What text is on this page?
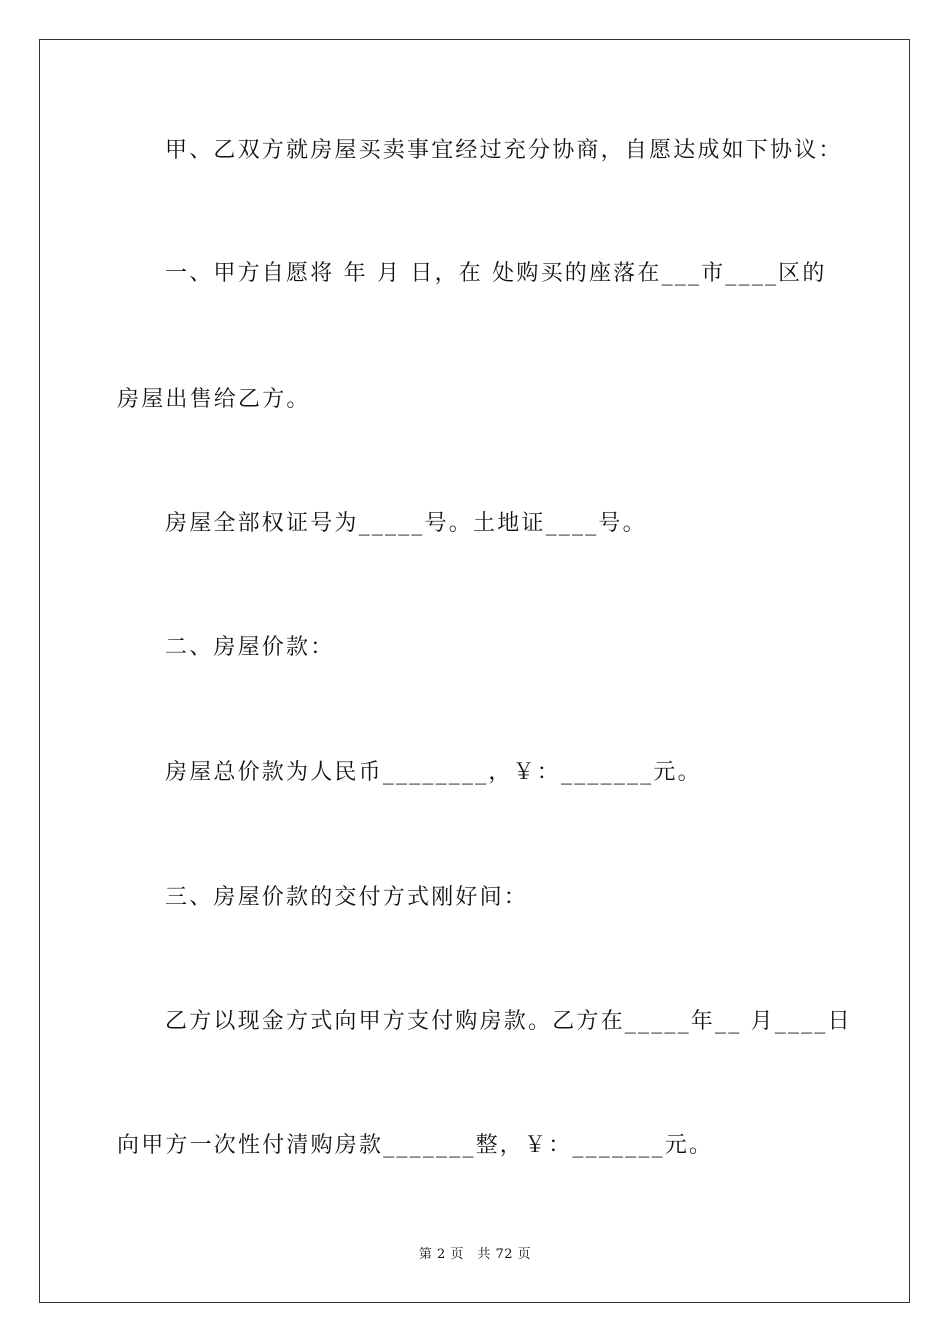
甲、乙双方就房屋买卖事宜经过充分协商，自愿达成如下协议：
一、甲方自愿将 年 月 日，在 处购买的座落在___市____区的
房屋出售给乙方。
房屋全部权证号为_____号。土地证____号。
二、房屋价款：
房屋总价款为人民币________，￥：_______元。
三、房屋价款的交付方式刚好间：
乙方以现金方式向甲方支付购房款。乙方在_____年__ 月____日
向甲方一次性付清购房款_______整，￥：_______元。
第 2 页　共 72 页
